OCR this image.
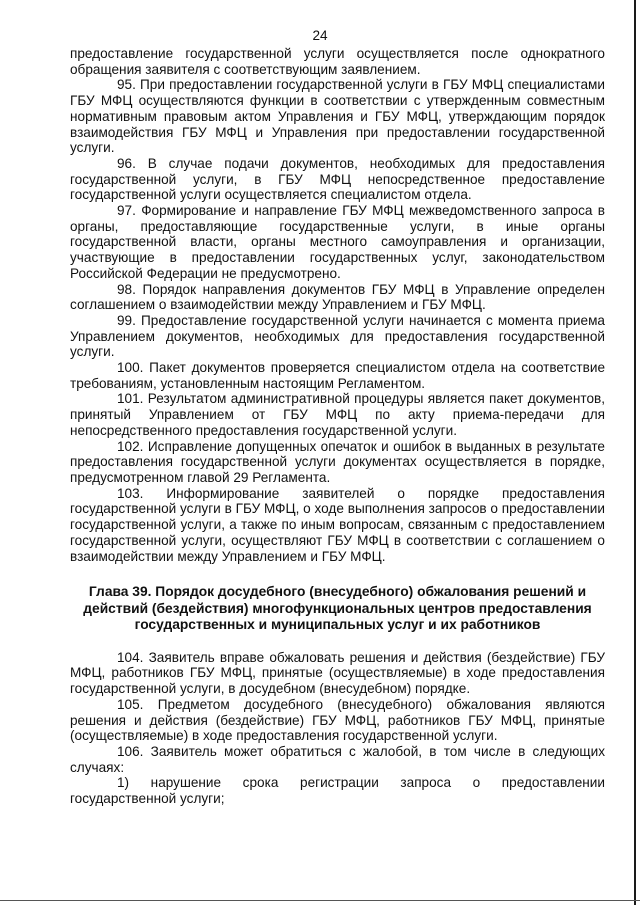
24

предоставление государственной услуги осуществляется после однократного обращения заявителя с соответствующим заявлением.

95. При предоставлении государственной услуги в ГБУ МФЦ специалистами ГБУ МФЦ осуществляются функции в соответствии с утвержденным совместным нормативным правовым актом Управления и ГБУ МФЦ, утверждающим порядок взаимодействия ГБУ МФЦ и Управления при предоставлении государственной услуги.

96. В случае подачи документов, необходимых для предоставления государственной услуги, в ГБУ МФЦ непосредственное предоставление государственной услуги осуществляется специалистом отдела.

97. Формирование и направление ГБУ МФЦ межведомственного запроса в органы, предоставляющие государственные услуги, в иные органы государственной власти, органы местного самоуправления и организации, участвующие в предоставлении государственных услуг, законодательством Российской Федерации не предусмотрено.

98. Порядок направления документов ГБУ МФЦ в Управление определен соглашением о взаимодействии между Управлением и ГБУ МФЦ.

99. Предоставление государственной услуги начинается с момента приема Управлением документов, необходимых для предоставления государственной услуги.

100. Пакет документов проверяется специалистом отдела на соответствие требованиям, установленным настоящим Регламентом.

101. Результатом административной процедуры является пакет документов, принятый Управлением от ГБУ МФЦ по акту приема-передачи для непосредственного предоставления государственной услуги.

102. Исправление допущенных опечаток и ошибок в выданных в результате предоставления государственной услуги документах осуществляется в порядке, предусмотренном главой 29 Регламента.

103. Информирование заявителей о порядке предоставления государственной услуги в ГБУ МФЦ, о ходе выполнения запросов о предоставлении государственной услуги, а также по иным вопросам, связанным с предоставлением государственной услуги, осуществляют ГБУ МФЦ в соответствии с соглашением о взаимодействии между Управлением и ГБУ МФЦ.

Глава 39. Порядок досудебного (внесудебного) обжалования решений и действий (бездействия) многофункциональных центров предоставления государственных и муниципальных услуг и их работников

104. Заявитель вправе обжаловать решения и действия (бездействие) ГБУ МФЦ, работников ГБУ МФЦ, принятые (осуществляемые) в ходе предоставления государственной услуги, в досудебном (внесудебном) порядке.

105. Предметом досудебного (внесудебного) обжалования являются решения и действия (бездействие) ГБУ МФЦ, работников ГБУ МФЦ, принятые (осуществляемые) в ходе предоставления государственной услуги.

106. Заявитель может обратиться с жалобой, в том числе в следующих случаях:

1) нарушение срока регистрации запроса о предоставлении государственной услуги;
